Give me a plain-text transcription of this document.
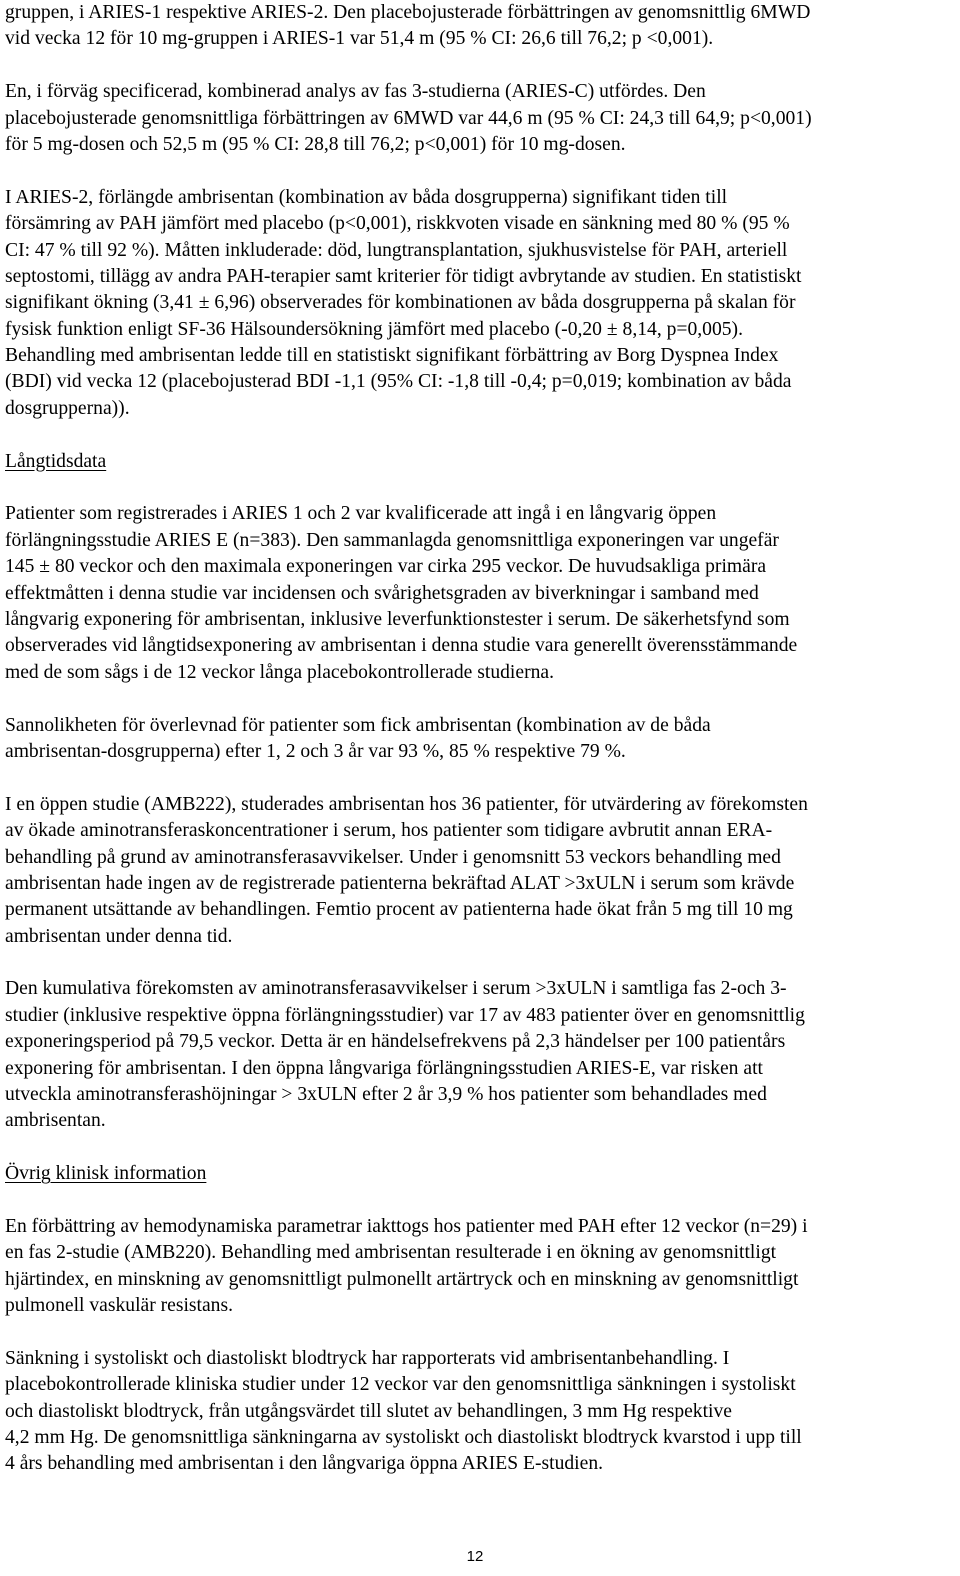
gruppen, i ARIES-1 respektive ARIES-2. Den placebojusterade förbättringen av genomsnittlig 6MWD
vid vecka 12 för 10 mg-gruppen i ARIES-1 var 51,4 m (95 % CI: 26,6 till 76,2; p <0,001).
En, i förväg specificerad, kombinerad analys av fas 3-studierna (ARIES-C) utfördes. Den
placebojusterade genomsnittliga förbättringen av 6MWD var 44,6 m (95 % CI: 24,3 till 64,9; p<0,001)
för 5 mg-dosen och 52,5 m (95 % CI: 28,8 till 76,2; p<0,001) för 10 mg-dosen.
I ARIES-2, förlängde ambrisentan (kombination av båda dosgrupperna) signifikant tiden till
försämring av PAH jämfört med placebo (p<0,001), riskkvoten visade en sänkning med 80 % (95 %
CI: 47 % till 92 %). Måtten inkluderade: död, lungtransplantation, sjukhusvistelse för PAH, arteriell
septostomi, tillägg av andra PAH-terapier samt kriterier för tidigt avbrytande av studien. En statistiskt
signifikant ökning (3,41 ± 6,96) observerades för kombinationen av båda dosgrupperna på skalan för
fysisk funktion enligt SF-36 Hälsoundersökning jämfört med placebo (-0,20 ± 8,14, p=0,005).
Behandling med ambrisentan ledde till en statistiskt signifikant förbättring av Borg Dyspnea Index
(BDI) vid vecka 12 (placebojusterad BDI -1,1 (95% CI: -1,8 till -0,4; p=0,019; kombination av båda
dosgrupperna)).
Långtidsdata
Patienter som registrerades i ARIES 1 och 2 var kvalificerade att ingå i en långvarig öppen
förlängningsstudie ARIES E (n=383). Den sammanlagda genomsnittliga exponeringen var ungefär
145 ± 80 veckor och den maximala exponeringen var cirka 295 veckor. De huvudsakliga primära
effektmåtten i denna studie var incidensen och svårighetsgraden av biverkningar i samband med
långvarig exponering för ambrisentan, inklusive leverfunktionstester i serum. De säkerhetsfynd som
observerades vid långtidsexponering av ambrisentan i denna studie vara generellt överensstämmande
med de som sågs i de 12 veckor långa placebokontrollerade studierna.
Sannolikheten för överlevnad för patienter som fick ambrisentan (kombination av de båda
ambrisentan-dosgrupperna) efter 1, 2 och 3 år var 93 %, 85 % respektive 79 %.
I en öppen studie (AMB222), studerades ambrisentan hos 36 patienter, för utvärdering av förekomsten
av ökade aminotransferaskoncentrationer i serum, hos patienter som tidigare avbrutit annan ERA-
behandling på grund av aminotransferasavvikelser. Under i genomsnitt 53 veckors behandling med
ambrisentan hade ingen av de registrerade patienterna bekräftad ALAT >3xULN i serum som krävde
permanent utsättande av behandlingen. Femtio procent av patienterna hade ökat från 5 mg till 10 mg
ambrisentan under denna tid.
Den kumulativa förekomsten av aminotransferasavvikelser i serum >3xULN i samtliga fas 2-och 3-
studier (inklusive respektive öppna förlängningsstudier) var 17 av 483 patienter över en genomsnittlig
exponeringsperiod på 79,5 veckor. Detta är en händelsefrekvens på 2,3 händelser per 100 patientårs
exponering för ambrisentan. I den öppna långvariga förlängningsstudien ARIES-E, var risken att
utveckla aminotransferashöjningar > 3xULN efter 2 år 3,9 % hos patienter som behandlades med
ambrisentan.
Övrig klinisk information
En förbättring av hemodynamiska parametrar iakttogs hos patienter med PAH efter 12 veckor (n=29) i
en fas 2-studie (AMB220). Behandling med ambrisentan resulterade i en ökning av genomsnittligt
hjärtindex, en minskning av genomsnittligt pulmonellt artärtryck och en minskning av genomsnittligt
pulmonell vaskulär resistans.
Sänkning i systoliskt och diastoliskt blodtryck har rapporterats vid ambrisentanbehandling. I
placebokontrollerade kliniska studier under 12 veckor var den genomsnittliga sänkningen i systoliskt
och diastoliskt blodtryck, från utgångsvärdet till slutet av behandlingen, 3 mm Hg respektive
4,2 mm Hg. De genomsnittliga sänkningarna av systoliskt och diastoliskt blodtryck kvarstod i upp till
4 års behandling med ambrisentan i den långvariga öppna ARIES E-studien.
12
